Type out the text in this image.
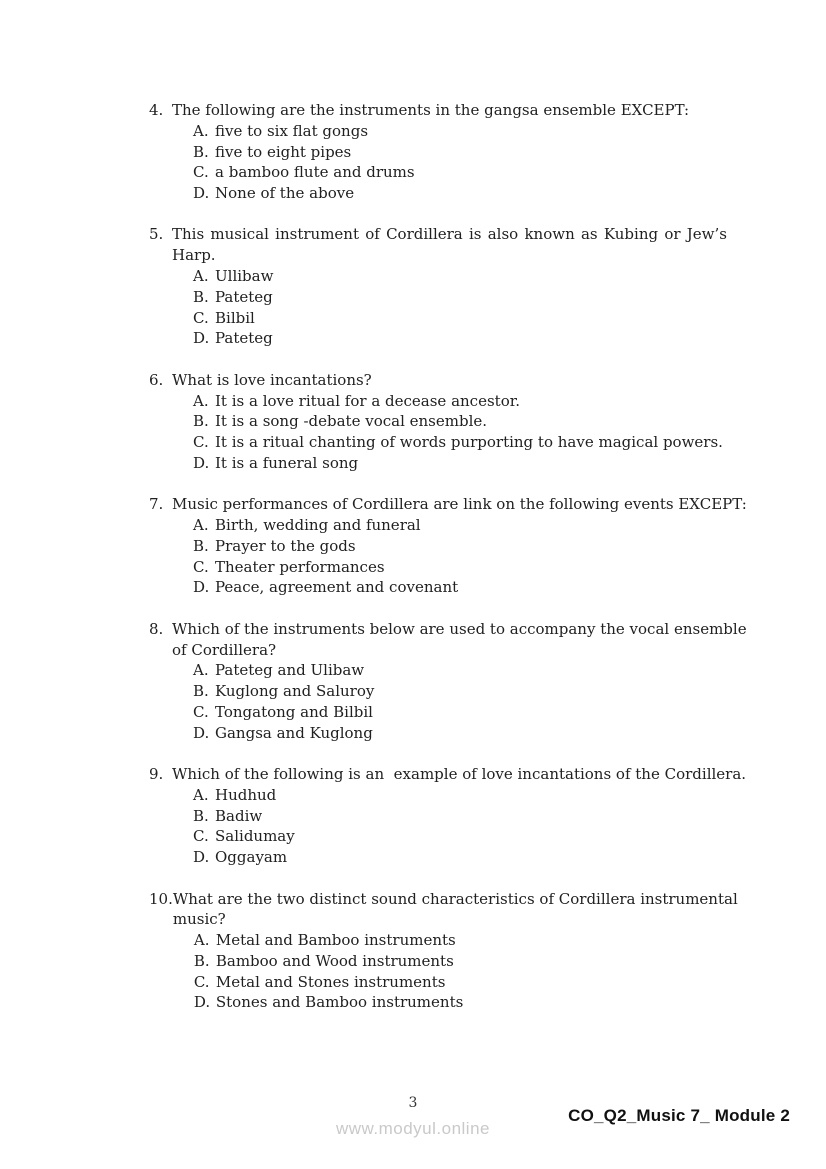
4. The following are the instruments in the gangsa ensemble EXCEPT:
A. five to six flat gongs
B. five to eight pipes
C. a bamboo flute and drums
D. None of the above
5. This musical instrument of Cordillera is also known as Kubing or Jew’s
Harp.
A. Ullibaw
B. Pateteg
C. Bilbil
D. Pateteg
6. What is love incantations?
A. It is a love ritual for a decease ancestor.
B. It is a song -debate vocal ensemble.
C. It is a ritual chanting of words purporting to have magical powers.
D. It is a funeral song
7. Music performances of Cordillera are link on the following events EXCEPT:
A. Birth, wedding and funeral
B. Prayer to the gods
C. Theater performances
D. Peace, agreement and covenant
8. Which of the instruments below are used to accompany the vocal ensemble
of Cordillera?
A. Pateteg and Ulibaw
B. Kuglong and Saluroy
C. Tongatong and Bilbil
D. Gangsa and Kuglong
9. Which of the following is an  example of love incantations of the Cordillera.
A. Hudhud
B. Badiw
C. Salidumay
D. Oggayam
10. What are the two distinct sound characteristics of Cordillera instrumental
music?
A. Metal and Bamboo instruments
B. Bamboo and Wood instruments
C. Metal and Stones instruments
D. Stones and Bamboo instruments
3
www.modyul.online
CO_Q2_Music 7_ Module 2
